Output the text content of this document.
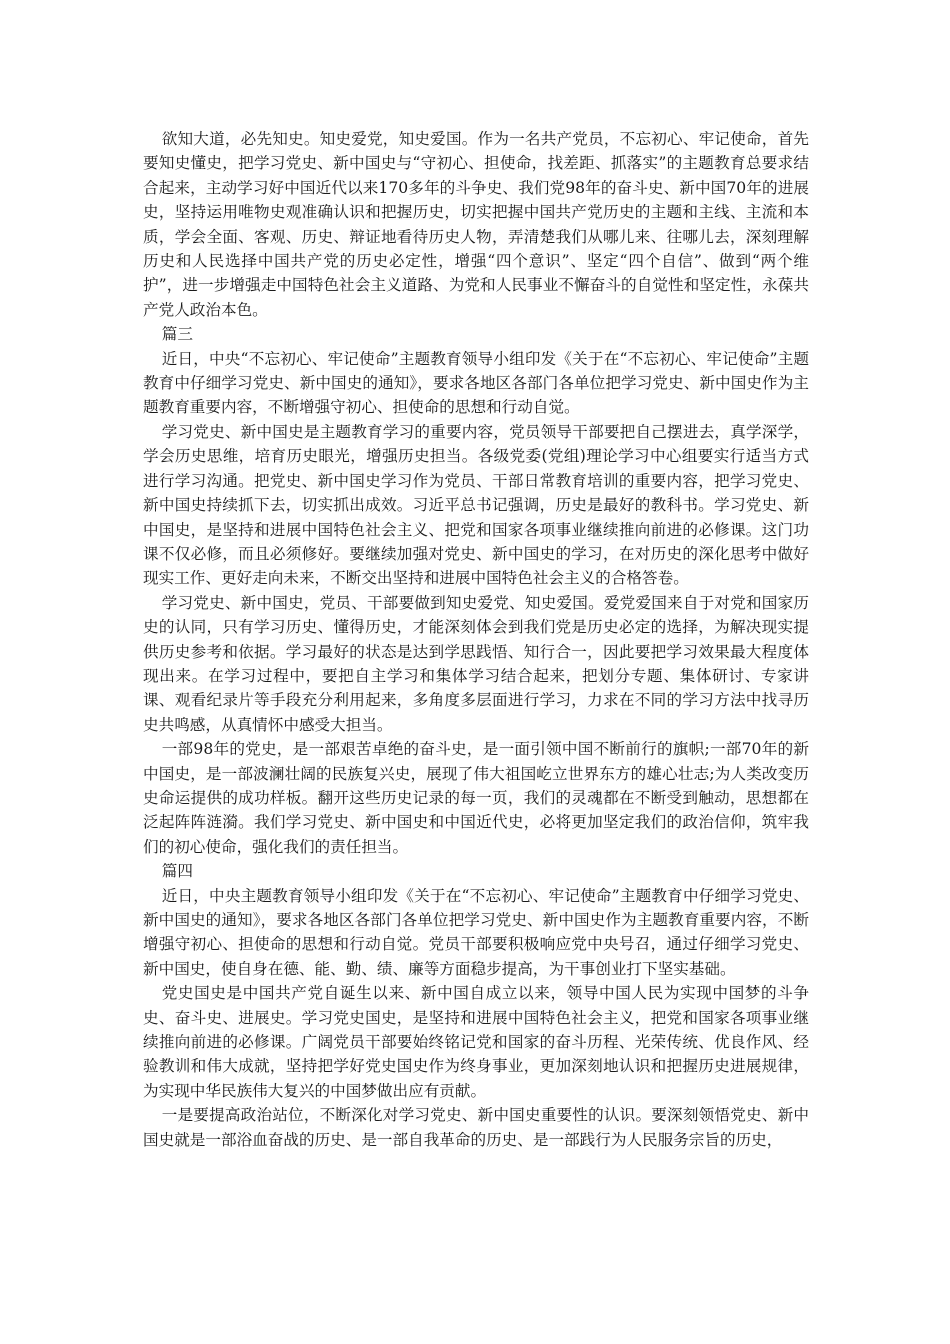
欲知大道，必先知史。知史爱党，知史爱国。作为一名共产党员，不忘初心、牢记使命，首先要知史懂史，把学习党史、新中国史与“守初心、担使命，找差距、抓落实”的主题教育总要求结合起来，主动学习好中国近代以来170多年的斗争史、我们党98年的奋斗史、新中国70年的进展史，坚持运用唯物史观准确认识和把握历史，切实把握中国共产党历史的主题和主线、主流和本质，学会全面、客观、历史、辩证地看待历史人物，弄清楚我们从哪儿来、往哪儿去，深刻理解历史和人民选择中国共产党的历史必定性，增强“四个意识”、坚定“四个自信”、做到“两个维护”，进一步增强走中国特色社会主义道路、为党和人民事业不懈奋斗的自觉性和坚定性，永葆共产党人政治本色。

篇三

近日，中央“不忘初心、牢记使命”主题教育领导小组印发《关于在“不忘初心、牢记使命”主题教育中仔细学习党史、新中国史的通知》，要求各地区各部门各单位把学习党史、新中国史作为主题教育重要内容，不断增强守初心、担使命的思想和行动自觉。

学习党史、新中国史是主题教育学习的重要内容，党员领导干部要把自己摆进去，真学深学，学会历史思维，培育历史眼光，增强历史担当。各级党委(党组)理论学习中心组要实行适当方式进行学习沟通。把党史、新中国史学习作为党员、干部日常教育培训的重要内容，把学习党史、新中国史持续抓下去，切实抓出成效。习近平总书记强调，历史是最好的教科书。学习党史、新中国史，是坚持和进展中国特色社会主义、把党和国家各项事业继续推向前进的必修课。这门功课不仅必修，而且必须修好。要继续加强对党史、新中国史的学习，在对历史的深化思考中做好现实工作、更好走向未来，不断交出坚持和进展中国特色社会主义的合格答卷。

学习党史、新中国史，党员、干部要做到知史爱党、知史爱国。爱党爱国来自于对党和国家历史的认同，只有学习历史、懂得历史，才能深刻体会到我们党是历史必定的选择，为解决现实提供历史参考和依据。学习最好的状态是达到学思践悟、知行合一，因此要把学习效果最大程度体现出来。在学习过程中，要把自主学习和集体学习结合起来，把划分专题、集体研讨、专家讲课、观看纪录片等手段充分利用起来，多角度多层面进行学习，力求在不同的学习方法中找寻历史共鸣感，从真情怀中感受大担当。

一部98年的党史，是一部艰苦卓绝的奋斗史，是一面引领中国不断前行的旗帜;一部70年的新中国史，是一部波澜壮阔的民族复兴史，展现了伟大祖国屹立世界东方的雄心壮志;为人类改变历史命运提供的成功样板。翻开这些历史记录的每一页，我们的灵魂都在不断受到触动，思想都在泛起阵阵涟漪。我们学习党史、新中国史和中国近代史，必将更加坚定我们的政治信仰，筑牢我们的初心使命，强化我们的责任担当。

篇四

近日，中央主题教育领导小组印发《关于在“不忘初心、牢记使命”主题教育中仔细学习党史、新中国史的通知》，要求各地区各部门各单位把学习党史、新中国史作为主题教育重要内容，不断增强守初心、担使命的思想和行动自觉。党员干部要积极响应党中央号召，通过仔细学习党史、新中国史，使自身在德、能、勤、绩、廉等方面稳步提高，为干事创业打下坚实基础。

党史国史是中国共产党自诞生以来、新中国自成立以来，领导中国人民为实现中国梦的斗争史、奋斗史、进展史。学习党史国史，是坚持和进展中国特色社会主义，把党和国家各项事业继续推向前进的必修课。广阔党员干部要始终铭记党和国家的奋斗历程、光荣传统、优良作风、经验教训和伟大成就，坚持把学好党史国史作为终身事业，更加深刻地认识和把握历史进展规律，为实现中华民族伟大复兴的中国梦做出应有贡献。

一是要提高政治站位，不断深化对学习党史、新中国史重要性的认识。要深刻领悟党史、新中国史就是一部浴血奋战的历史、是一部自我革命的历史、是一部践行为人民服务宗旨的历史，
